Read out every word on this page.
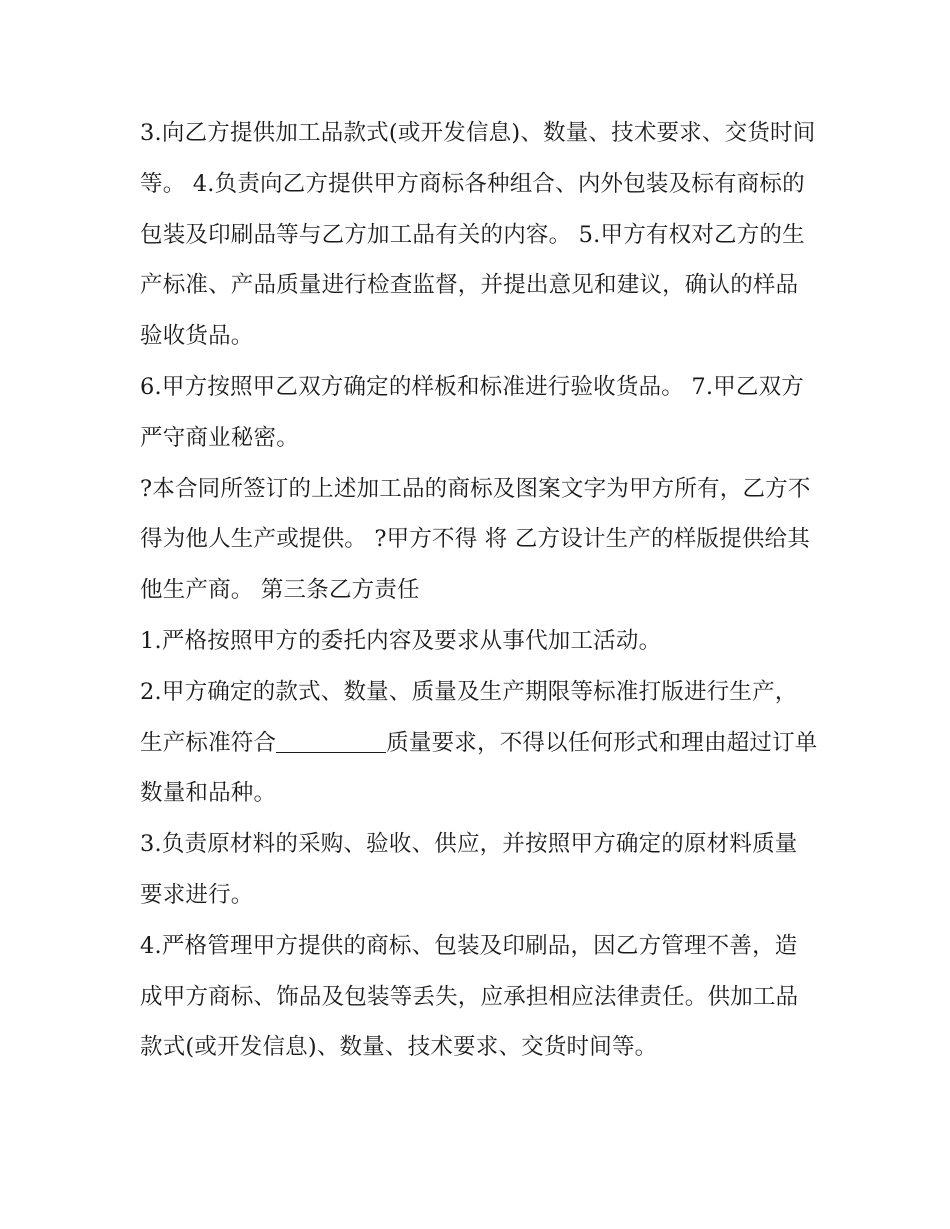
3.向乙方提供加工品款式(或开发信息)、数量、技术要求、交货时间等。 4.负责向乙方提供甲方商标各种组合、内外包装及标有商标的包装及印刷品等与乙方加工品有关的内容。 5.甲方有权对乙方的生产标准、产品质量进行检查监督，并提出意见和建议，确认的样品验收货品。

6.甲方按照甲乙双方确定的样板和标准进行验收货品。 7.甲乙双方严守商业秘密。

?本合同所签订的上述加工品的商标及图案文字为甲方所有，乙方不得为他人生产或提供。 ?甲方不得 将 乙方设计生产的样版提供给其他生产商。 第三条乙方责任

1.严格按照甲方的委托内容及要求从事代加工活动。

2.甲方确定的款式、数量、质量及生产期限等标准打版进行生产，生产标准符合	质量要求，不得以任何形式和理由超过订单数量和品种。

3.负责原材料的采购、验收、供应，并按照甲方确定的原材料质量要求进行。

4.严格管理甲方提供的商标、包装及印刷品，因乙方管理不善，造成甲方商标、饰品及包装等丢失，应承担相应法律责任。供加工品款式(或开发信息)、数量、技术要求、交货时间等。
